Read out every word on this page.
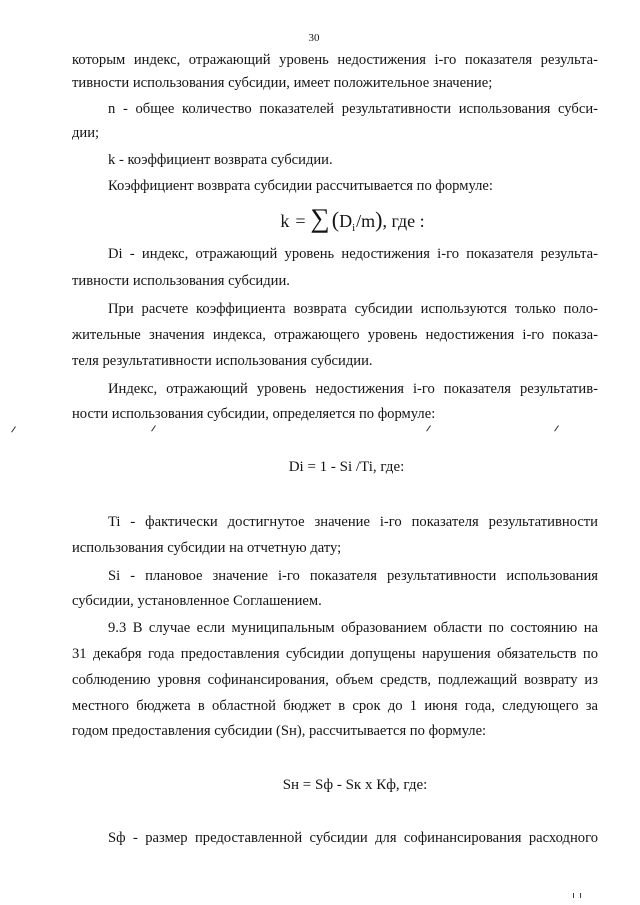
30
которым индекс, отражающий уровень недостижения i-го показателя результа-
тивности использования субсидии, имеет положительное значение;
n - общее количество показателей результативности использования субси-
дии;
k - коэффициент возврата субсидии.
Коэффициент возврата субсидии рассчитывается по формуле:
k = ∑ ( D i /m ) , где :
Di - индекс, отражающий уровень недостижения i-го показателя результа-
тивности использования субсидии.
При расчете коэффициента возврата субсидии используются только поло-
жительные значения индекса, отражающего уровень недостижения i-го показа-
теля результативности использования субсидии.
Индекс, отражающий уровень недостижения i-го показателя результатив-
ности использования субсидии, определяется по формуле:
Di = 1 - Si /Ti, где:
Ti - фактически достигнутое значение i-го показателя результативности
использования субсидии на отчетную дату;
Si - плановое значение i-го показателя результативности использования
субсидии, установленное Соглашением.
9.3 В случае если муниципальным образованием области по состоянию на
31 декабря года предоставления субсидии допущены нарушения обязательств по
соблюдению уровня софинансирования, объем средств, подлежащий возврату из
местного бюджета в областной бюджет в срок до 1 июня года, следующего за
годом предоставления субсидии (Sн), рассчитывается по формуле:
Sн = Sф - Sк x Кф, где:
Sф - размер предоставленной субсидии для софинансирования расходного
